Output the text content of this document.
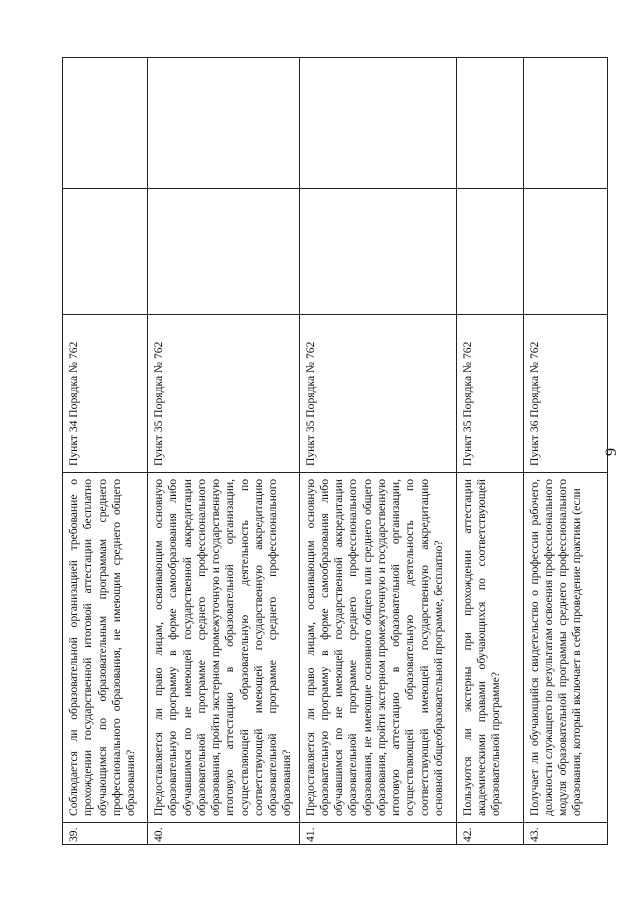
9
39.	Соблюдается ли образовательной организацией требование о прохождении государственной итоговой аттестации бесплатно обучающимся по образовательным программам среднего профессионального образования, не имеющим среднего общего образования?	Пункт 34 Порядка № 762		
40.	Предоставляется ли право лицам, осваивающим основную образовательную программу в форме самообразования либо обучавшимся по не имеющей государственной аккредитации образовательной программе среднего профессионального образования, пройти экстерном промежуточную и государственную итоговую аттестацию в образовательной организации, осуществляющей образовательную деятельность по соответствующей имеющей государственную аккредитацию образовательной программе среднего профессионального образования?	Пункт 35 Порядка № 762		
41.	Предоставляется ли право лицам, осваивающим основную образовательную программу в форме самообразования либо обучавшимся по не имеющей государственной аккредитации образовательной программе среднего профессионального образования, не имеющие основного общего или среднего общего образования, пройти экстерном промежуточную и государственную итоговую аттестацию в образовательной организации, осуществляющей образовательную деятельность по соответствующей имеющей государственную аккредитацию основной общеобразовательной программе, бесплатно?	Пункт 35 Порядка № 762		
42.	Пользуются ли экстерны при прохождении аттестации академическими правами обучающихся по соответствующей образовательной программе?	Пункт 35 Порядка № 762		
43.	Получает ли обучающийся свидетельство о профессии рабочего, должности служащего по результатам освоения профессионального модуля образовательной программы среднего профессионального образования, который включает в себя проведение практики (если	Пункт 36 Порядка № 762		
